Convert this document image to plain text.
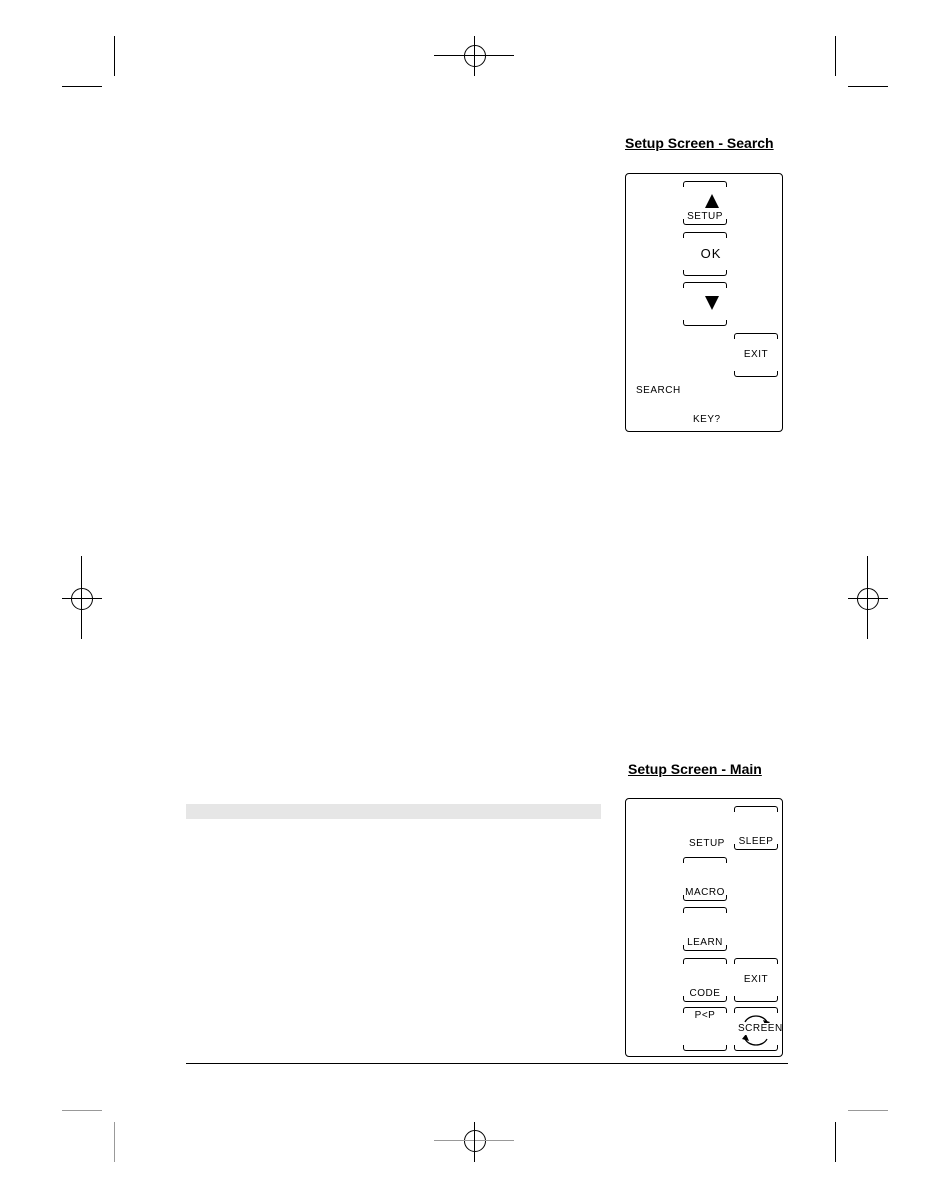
Setup Screen - Search
SETUP
OK
EXIT
SEARCH
KEY?
Setup Screen - Main
SETUP	SLEEP
MACRO
LEARN
CODE
EXIT
P<P
SCREEN
